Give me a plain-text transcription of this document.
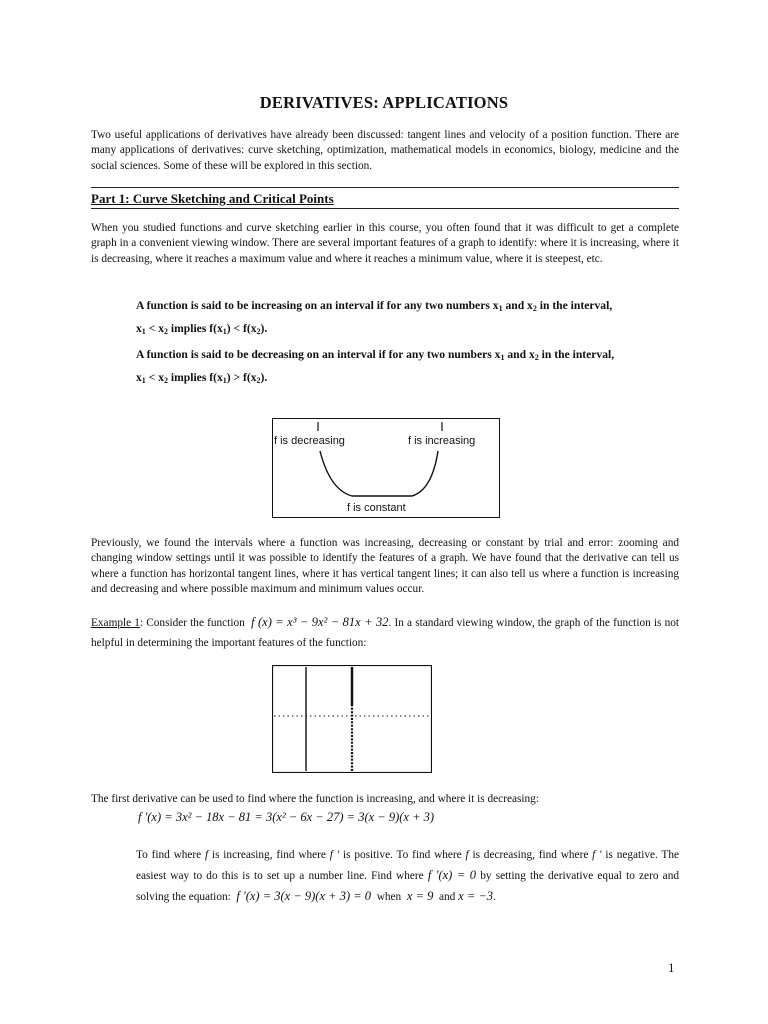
DERIVATIVES: APPLICATIONS
Two useful applications of derivatives have already been discussed: tangent lines and velocity of a position function. There are many applications of derivatives: curve sketching, optimization, mathematical models in economics, biology, medicine and the social sciences. Some of these will be explored in this section.
Part 1: Curve Sketching and Critical Points
When you studied functions and curve sketching earlier in this course, you often found that it was difficult to get a complete graph in a convenient viewing window. There are several important features of a graph to identify: where it is increasing, where it is decreasing, where it reaches a maximum value and where it reaches a minimum value, where it is steepest, etc.
A function is said to be increasing on an interval if for any two numbers $x_1$ and $x_2$ in the interval,
$x_1 < x_2$ implies $f(x_1) < f(x_2)$.
A function is said to be decreasing on an interval if for any two numbers $x_1$ and $x_2$ in the interval,
$x_1 < x_2$ implies $f(x_1) > f(x_2)$.
f is decreasing	f is increasing
f is constant
Previously, we found the intervals where a function was increasing, decreasing or constant by trial and error: zooming and changing window settings until it was possible to identify the features of a graph. We have found that the derivative can tell us where a function has horizontal tangent lines, where it has vertical tangent lines; it can also tell us where a function is increasing and decreasing and where possible maximum and minimum values occur.
Example 1: Consider the function f (x) = x³ − 9x² − 81x + 32. In a standard viewing window, the graph of the function is not helpful in determining the important features of the function:
The first derivative can be used to find where the function is increasing, and where it is decreasing:
f '(x) = 3x² − 18x − 81 = 3(x² − 6x − 27) = 3(x − 9)(x + 3)
To find where f is increasing, find where f ′ is positive. To find where f is decreasing, find where f ′ is negative. The easiest way to do this is to set up a number line. Find where f '(x) = 0 by setting the derivative equal to zero and solving the equation: f '(x) = 3(x − 9)(x + 3) = 0 when x = 9 and x = −3.
1
